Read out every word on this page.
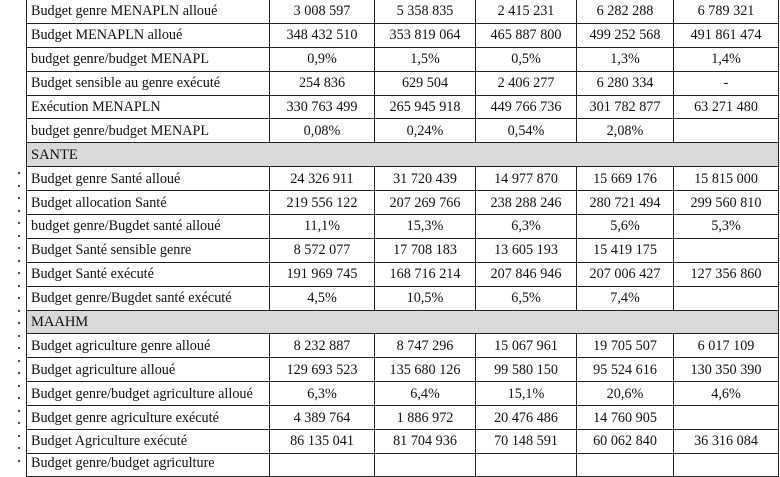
Budget genre MENAPLN alloué	3 008 597	5 358 835	2 415 231	6 282 288	6 789 321
Budget MENAPLN alloué	348 432 510	353 819 064	465 887 800	499 252 568	491 861 474
budget genre/budget MENAPL	0,9%	1,5%	0,5%	1,3%	1,4%
Budget sensible au genre exécuté	254 836	629 504	2 406 277	6 280 334	-
Exécution MENAPLN	330 763 499	265 945 918	449 766 736	301 782 877	63 271 480
budget genre/budget MENAPL	0,08%	0,24%	0,54%	2,08%	
SANTE					
Budget genre Santé alloué	24 326 911	31 720 439	14 977 870	15 669 176	15 815 000
Budget allocation Santé	219 556 122	207 269 766	238 288 246	280 721 494	299 560 810
budget genre/Bugdet santé alloué	11,1%	15,3%	6,3%	5,6%	5,3%
Budget Santé sensible genre	8 572 077	17 708 183	13 605 193	15 419 175	
Budget Santé exécuté	191 969 745	168 716 214	207 846 946	207 006 427	127 356 860
Budget genre/Bugdet santé exécuté	4,5%	10,5%	6,5%	7,4%	
MAAHM					
Budget agriculture genre alloué	8 232 887	8 747 296	15 067 961	19 705 507	6 017 109
Budget agriculture alloué	129 693 523	135 680 126	99 580 150	95 524 616	130 350 390
Budget genre/budget agriculture alloué	6,3%	6,4%	15,1%	20,6%	4,6%
Budget genre agriculture exécuté	4 389 764	1 886 972	20 476 486	14 760 905	
Budget Agriculture exécuté	86 135 041	81 704 936	70 148 591	60 062 840	36 316 084
Budget genre/budget agriculture					
